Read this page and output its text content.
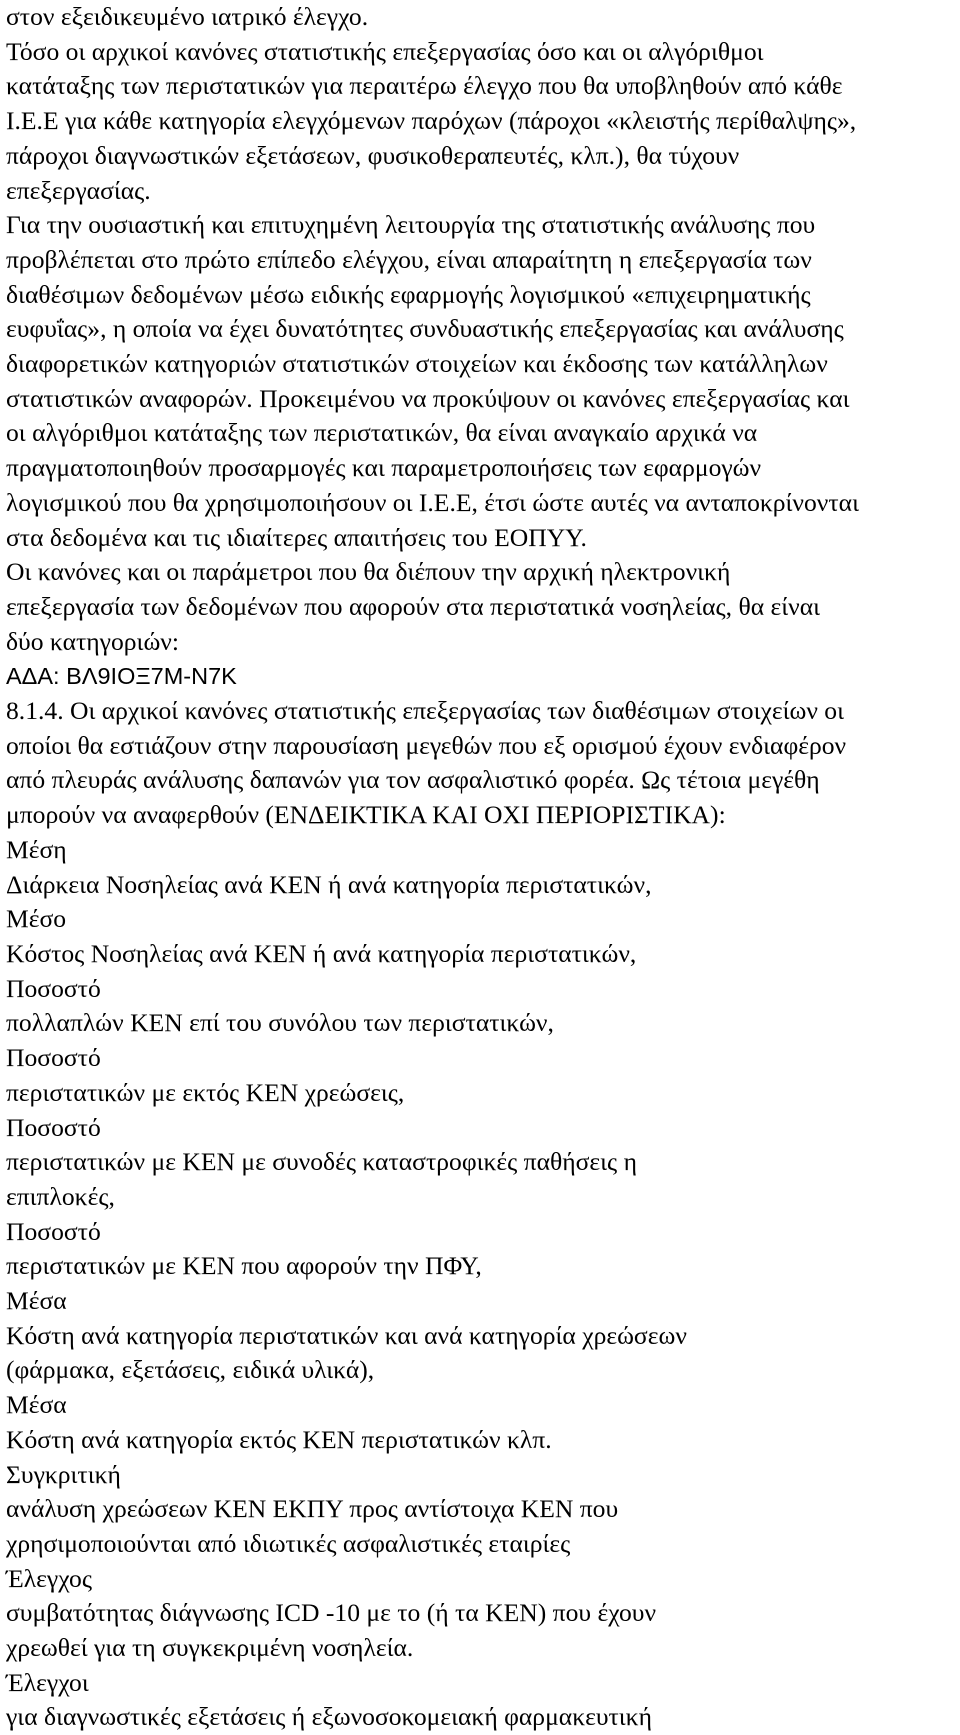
στον εξειδικευμένο ιατρικό έλεγχο.

Τόσο οι αρχικοί κανόνες στατιστικής επεξεργασίας όσο και οι αλγόριθμοι

κατάταξης των περιστατικών για περαιτέρω έλεγχο που θα υποβληθούν από κάθε

Ι.Ε.Ε για κάθε κατηγορία ελεγχόμενων παρόχων (πάροχοι «κλειστής περίθαλψης»,

πάροχοι διαγνωστικών εξετάσεων, φυσικοθεραπευτές, κλπ.), θα τύχουν

επεξεργασίας.

Για την ουσιαστική και επιτυχημένη λειτουργία της στατιστικής ανάλυσης που

προβλέπεται στο πρώτο επίπεδο ελέγχου, είναι απαραίτητη η επεξεργασία των

διαθέσιμων δεδομένων μέσω ειδικής εφαρμογής λογισμικού «επιχειρηματικής

ευφυΐας», η οποία να έχει δυνατότητες συνδυαστικής επεξεργασίας και ανάλυσης

διαφορετικών κατηγοριών στατιστικών στοιχείων και έκδοσης των κατάλληλων

στατιστικών αναφορών. Προκειμένου να προκύψουν οι κανόνες επεξεργασίας και

οι αλγόριθμοι κατάταξης των περιστατικών, θα είναι αναγκαίο αρχικά να

πραγματοποιηθούν προσαρμογές και παραμετροποιήσεις των εφαρμογών

λογισμικού που θα χρησιμοποιήσουν οι Ι.Ε.Ε, έτσι ώστε αυτές να ανταποκρίνονται

στα δεδομένα και τις ιδιαίτερες απαιτήσεις του ΕΟΠΥΥ.

Οι κανόνες και οι παράμετροι που θα διέπουν την αρχική ηλεκτρονική

επεξεργασία των δεδομένων που αφορούν στα περιστατικά νοσηλείας, θα είναι

δύο κατηγοριών:

ΑΔΑ: ΒΛ9ΙΟΞ7Μ-Ν7Κ

8.1.4. Οι αρχικοί κανόνες στατιστικής επεξεργασίας των διαθέσιμων στοιχείων οι

οποίοι θα εστιάζουν στην παρουσίαση μεγεθών που εξ ορισμού έχουν ενδιαφέρον

από πλευράς ανάλυσης δαπανών για τον ασφαλιστικό φορέα. Ως τέτοια μεγέθη

μπορούν να αναφερθούν (ΕΝΔΕΙΚΤΙΚΑ ΚΑΙ ΟΧΙ ΠΕΡΙΟΡΙΣΤΙΚΑ):

Μέση

Διάρκεια Νοσηλείας ανά ΚΕΝ ή ανά κατηγορία περιστατικών,

Μέσο

Κόστος Νοσηλείας ανά ΚΕΝ ή ανά κατηγορία περιστατικών,

Ποσοστό

πολλαπλών ΚΕΝ επί του συνόλου των περιστατικών,

Ποσοστό

περιστατικών με εκτός ΚΕΝ χρεώσεις,

Ποσοστό

περιστατικών με ΚΕΝ με συνοδές καταστροφικές παθήσεις η

επιπλοκές,

Ποσοστό

περιστατικών με ΚΕΝ που αφορούν την ΠΦΥ,

Μέσα

Κόστη ανά κατηγορία περιστατικών και ανά κατηγορία χρεώσεων

(φάρμακα, εξετάσεις, ειδικά υλικά),

Μέσα

Κόστη ανά κατηγορία εκτός ΚΕΝ περιστατικών κλπ.

Συγκριτική

ανάλυση χρεώσεων ΚΕΝ ΕΚΠΥ προς αντίστοιχα ΚΕΝ που

χρησιμοποιούνται από ιδιωτικές ασφαλιστικές εταιρίες

Έλεγχος

συμβατότητας διάγνωσης ICD -10 με το (ή τα ΚΕΝ) που έχουν

χρεωθεί για τη συγκεκριμένη νοσηλεία.

Έλεγχοι

για διαγνωστικές εξετάσεις ή εξωνοσοκομειακή φαρμακευτική
